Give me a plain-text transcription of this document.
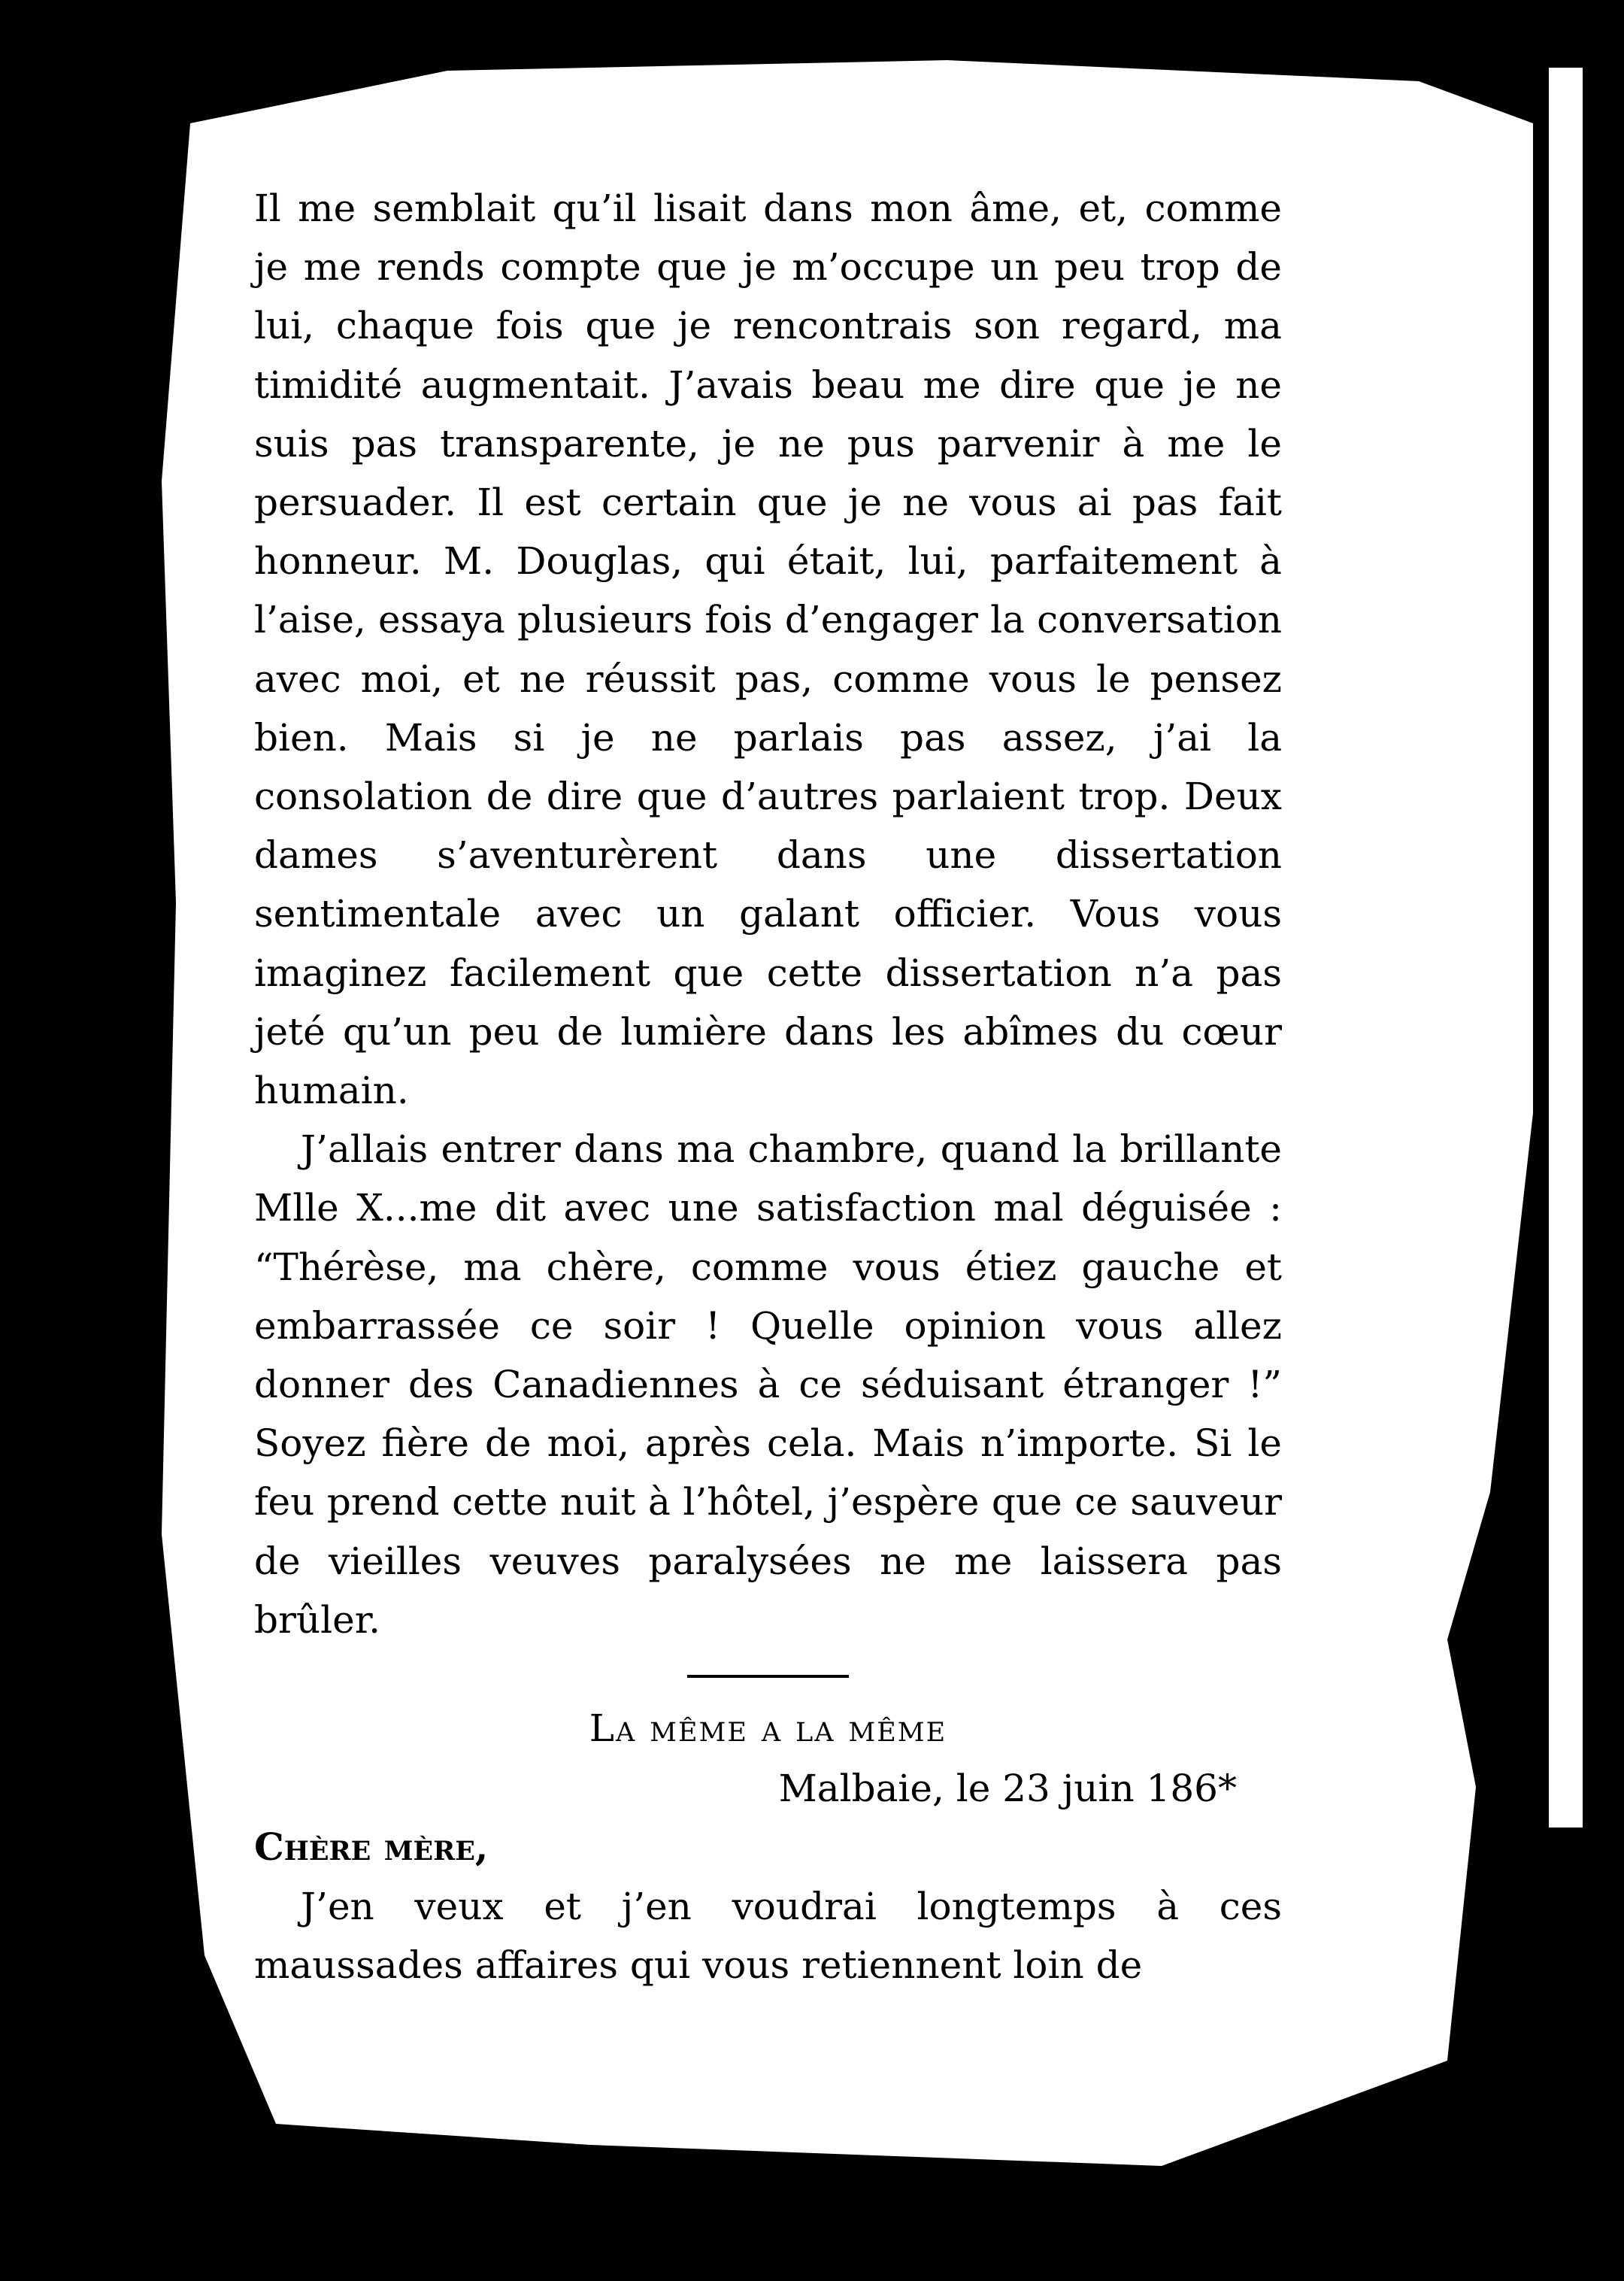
Il me semblait qu’il lisait dans mon âme, et, comme je me rends compte que je m’occupe un peu trop de lui, chaque fois que je rencontrais son regard, ma timidité augmentait. J’avais beau me dire que je ne suis pas transparente, je ne pus parvenir à me le persuader. Il est certain que je ne vous ai pas fait honneur. M. Douglas, qui était, lui, parfaitement à l’aise, essaya plusieurs fois d’engager la conversation avec moi, et ne réussit pas, comme vous le pensez bien. Mais si je ne parlais pas assez, j’ai la consolation de dire que d’autres parlaient trop. Deux dames s’aventurèrent dans une dissertation sentimentale avec un galant officier. Vous vous imaginez facilement que cette dissertation n’a pas jeté qu’un peu de lumière dans les abîmes du cœur humain.

J’allais entrer dans ma chambre, quand la brillante Mlle X...me dit avec une satisfaction mal déguisée : “Thérèse, ma chère, comme vous étiez gauche et embarrassée ce soir ! Quelle opinion vous allez donner des Canadiennes à ce séduisant étranger !” Soyez fière de moi, après cela. Mais n’importe. Si le feu prend cette nuit à l’hôtel, j’espère que ce sauveur de vieilles veuves paralysées ne me laissera pas brûler.

La même a la même

Malbaie, le 23 juin 186*

Chère mère,

J’en veux et j’en voudrai longtemps à ces maussades affaires qui vous retiennent loin de
